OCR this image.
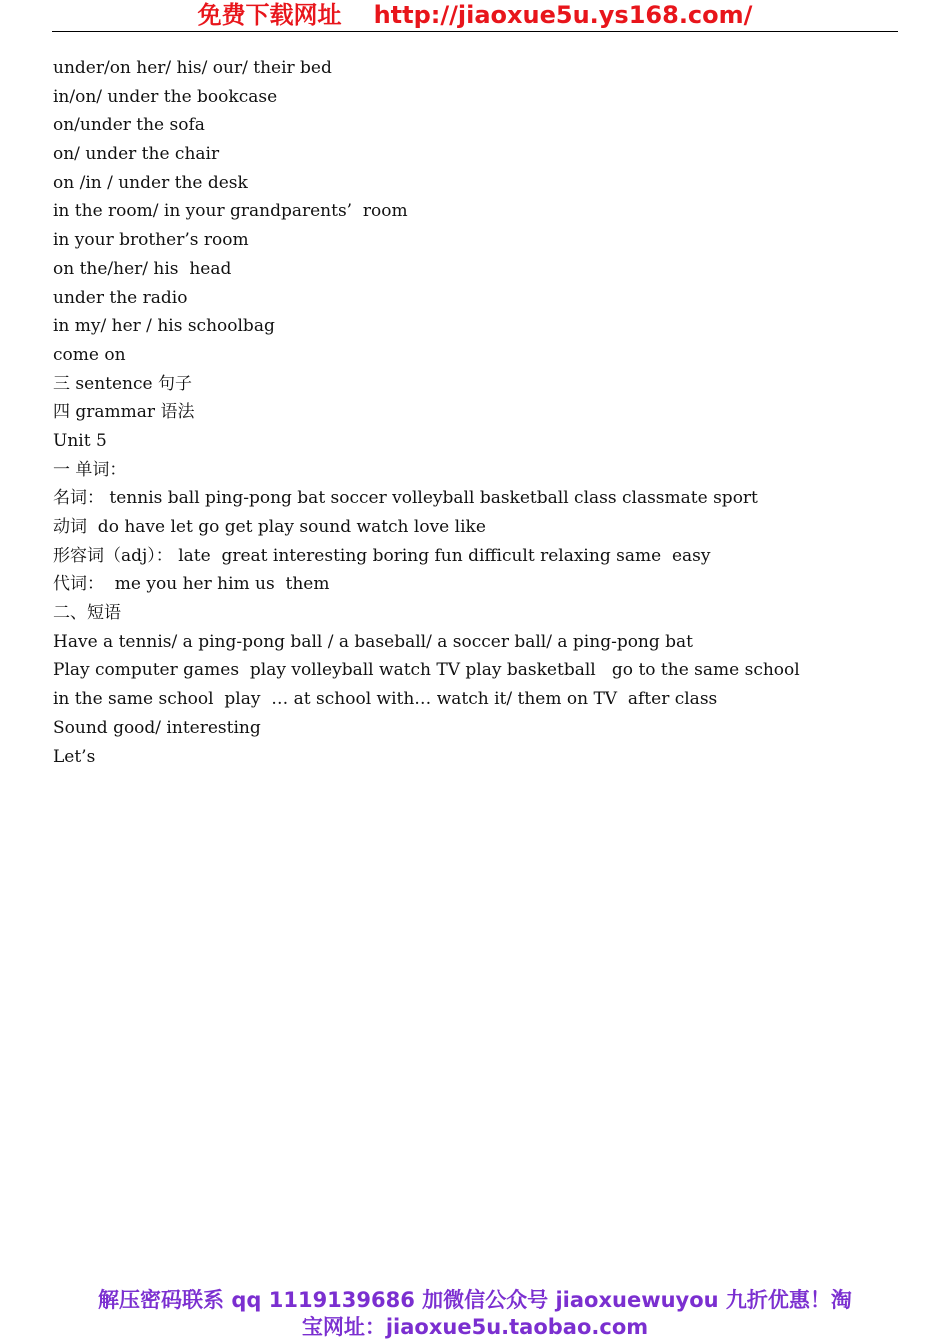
免费下载网址 http://jiaoxue5u.ys168.com/
under/on her/ his/ our/ their bed
in/on/ under the bookcase
on/under the sofa
on/ under the chair
on /in / under the desk
in the room/ in your grandparents’  room
in your brother’s room
on the/her/ his  head
under the radio
in my/ her / his schoolbag
come on
三 sentence 句子
四 grammar 语法
Unit 5
一 单词：
名词： tennis ball ping-pong bat soccer volleyball basketball class classmate sport
动词  do have let go get play sound watch love like
形容词（adj）： late  great interesting boring fun difficult relaxing same  easy
代词：  me you her him us  them
二、短语
Have a tennis/ a ping-pong ball / a baseball/ a soccer ball/ a ping-pong bat
Play computer games  play volleyball watch TV play basketball   go to the same school
in the same school  play  … at school with… watch it/ them on TV  after class
Sound good/ interesting
Let’s
解压密码联系 qq 1119139686 加微信公众号 jiaoxuewuyou 九折优惠！淘
宝网址：jiaoxue5u.taobao.com
